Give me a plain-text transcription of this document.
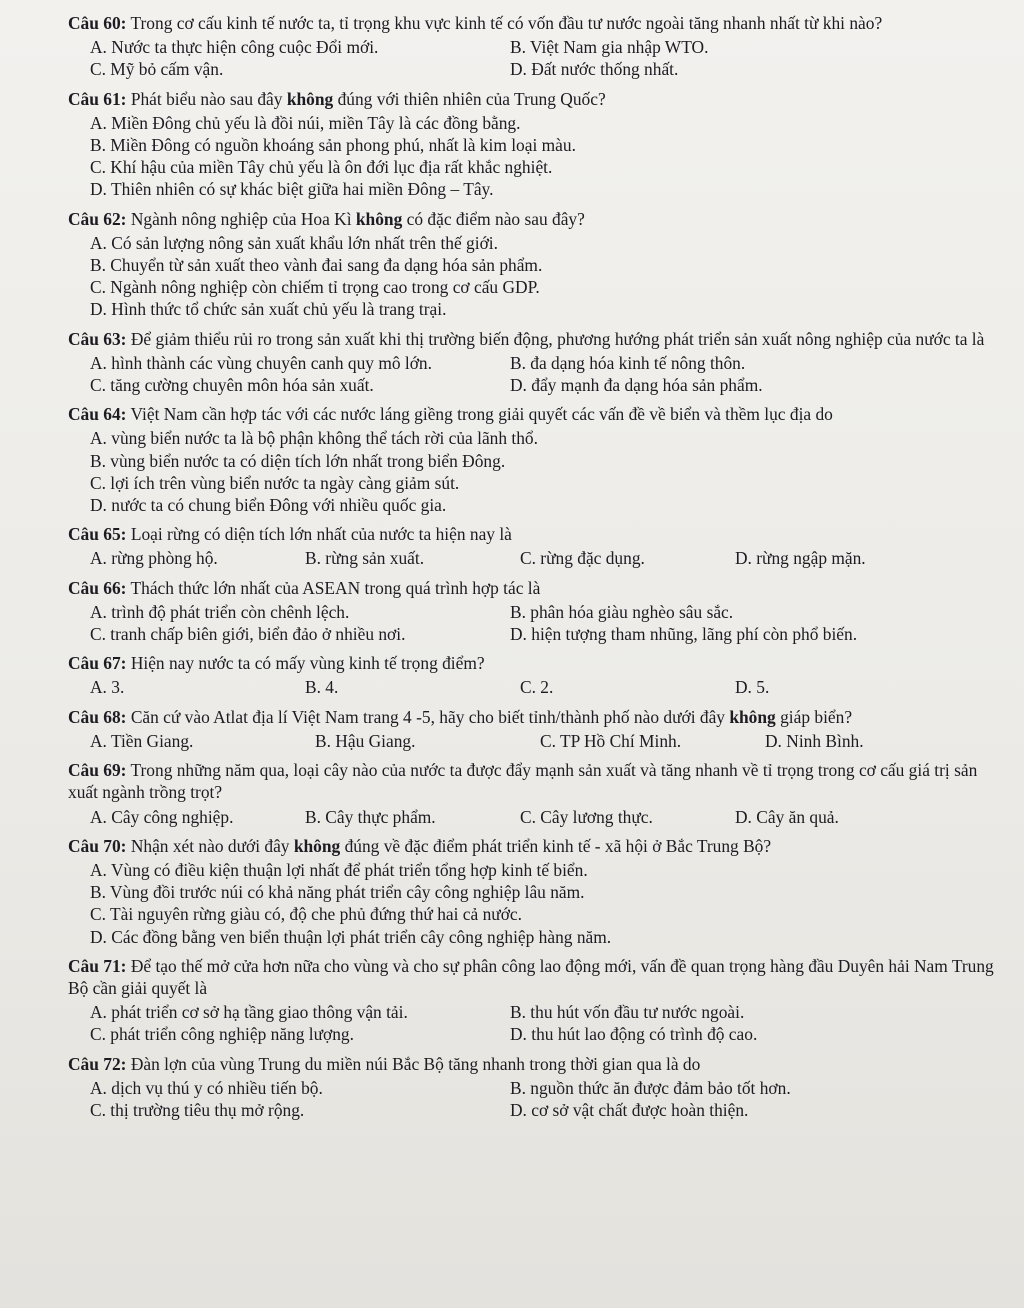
Câu 60: Trong cơ cấu kinh tế nước ta, tỉ trọng khu vực kinh tế có vốn đầu tư nước ngoài tăng nhanh nhất từ khi nào?
A. Nước ta thực hiện công cuộc Đổi mới.	B. Việt Nam gia nhập WTO.
C. Mỹ bỏ cấm vận.	D. Đất nước thống nhất.
Câu 61: Phát biểu nào sau đây không đúng với thiên nhiên của Trung Quốc?
A. Miền Đông chủ yếu là đồi núi, miền Tây là các đồng bằng.
B. Miền Đông có nguồn khoáng sản phong phú, nhất là kim loại màu.
C. Khí hậu của miền Tây chủ yếu là ôn đới lục địa rất khắc nghiệt.
D. Thiên nhiên có sự khác biệt giữa hai miền Đông – Tây.
Câu 62: Ngành nông nghiệp của Hoa Kì không có đặc điểm nào sau đây?
A. Có sản lượng nông sản xuất khẩu lớn nhất trên thế giới.
B. Chuyển từ sản xuất theo vành đai sang đa dạng hóa sản phẩm.
C. Ngành nông nghiệp còn chiếm tỉ trọng cao trong cơ cấu GDP.
D. Hình thức tổ chức sản xuất chủ yếu là trang trại.
Câu 63: Để giảm thiểu rủi ro trong sản xuất khi thị trường biến động, phương hướng phát triển sản xuất nông nghiệp của nước ta là
A. hình thành các vùng chuyên canh quy mô lớn.	B. đa dạng hóa kinh tế nông thôn.
C. tăng cường chuyên môn hóa sản xuất.	D. đẩy mạnh đa dạng hóa sản phẩm.
Câu 64: Việt Nam cần hợp tác với các nước láng giềng trong giải quyết các vấn đề về biển và thềm lục địa do
A. vùng biển nước ta là bộ phận không thể tách rời của lãnh thổ.
B. vùng biển nước ta có diện tích lớn nhất trong biển Đông.
C. lợi ích trên vùng biển nước ta ngày càng giảm sút.
D. nước ta có chung biển Đông với nhiều quốc gia.
Câu 65: Loại rừng có diện tích lớn nhất của nước ta hiện nay là
A. rừng phòng hộ.	B. rừng sản xuất.	C. rừng đặc dụng.	D. rừng ngập mặn.
Câu 66: Thách thức lớn nhất của ASEAN trong quá trình hợp tác là
A. trình độ phát triển còn chênh lệch.	B. phân hóa giàu nghèo sâu sắc.
C. tranh chấp biên giới, biển đảo ở nhiều nơi.	D. hiện tượng tham nhũng, lãng phí còn phổ biến.
Câu 67: Hiện nay nước ta có mấy vùng kinh tế trọng điểm?
A. 3.	B. 4.	C. 2.	D. 5.
Câu 68: Căn cứ vào Atlat địa lí Việt Nam trang 4 -5, hãy cho biết tỉnh/thành phố nào dưới đây không giáp biển?
A. Tiền Giang.	B. Hậu Giang.	C. TP Hồ Chí Minh.	D. Ninh Bình.
Câu 69: Trong những năm qua, loại cây nào của nước ta được đẩy mạnh sản xuất và tăng nhanh về tỉ trọng trong cơ cấu giá trị sản xuất ngành trồng trọt?
A. Cây công nghiệp.	B. Cây thực phẩm.	C. Cây lương thực.	D. Cây ăn quả.
Câu 70: Nhận xét nào dưới đây không đúng về đặc điểm phát triển kinh tế - xã hội ở Bắc Trung Bộ?
A. Vùng có điều kiện thuận lợi nhất để phát triển tổng hợp kinh tế biển.
B. Vùng đồi trước núi có khả năng phát triển cây công nghiệp lâu năm.
C. Tài nguyên rừng giàu có, độ che phủ đứng thứ hai cả nước.
D. Các đồng bằng ven biển thuận lợi phát triển cây công nghiệp hàng năm.
Câu 71: Để tạo thế mở cửa hơn nữa cho vùng và cho sự phân công lao động mới, vấn đề quan trọng hàng đầu Duyên hải Nam Trung Bộ cần giải quyết là
A. phát triển cơ sở hạ tầng giao thông vận tải.	B. thu hút vốn đầu tư nước ngoài.
C. phát triển công nghiệp năng lượng.	D. thu hút lao động có trình độ cao.
Câu 72: Đàn lợn của vùng Trung du miền núi Bắc Bộ tăng nhanh trong thời gian qua là do
A. dịch vụ thú y có nhiều tiến bộ.	B. nguồn thức ăn được đảm bảo tốt hơn.
C. thị trường tiêu thụ mở rộng.	D. cơ sở vật chất được hoàn thiện.
